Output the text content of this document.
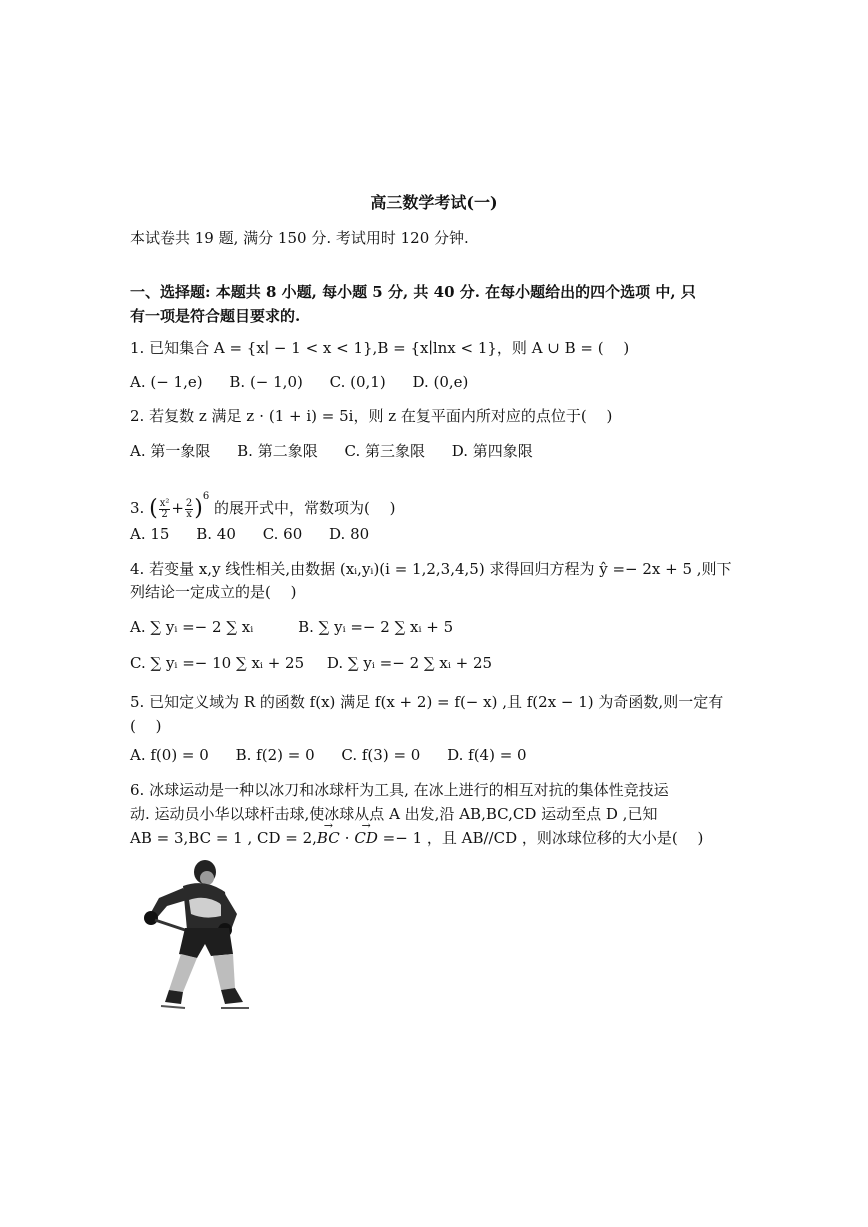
高三数学考试(一)
本试卷共 19 题, 满分 150 分. 考试用时 120 分钟.
一、选择题: 本题共 8 小题, 每小题 5 分, 共 40 分. 在每小题给出的四个选项 中, 只
有一项是符合题目要求的.
1. 已知集合 A = {x∣ − 1 < x < 1},B = {x∣lnx < 1}，则 A ∪ B = (　 )
A. (− 1,e) B. (− 1,0) C. (0,1) D. (0,e)
2. 若复数 z 满足 z ⋅ (1 + i) = 5i，则 z 在复平面内所对应的点位于(　 )
A. 第一象限 B. 第二象限 C. 第三象限 D. 第四象限
3. ( $\frac{\text{x²}}{2} + \frac{2}{x} )^6$ 的展开式中，常数项为(　 )
A. 15 B. 40 C. 60 D. 80
4. 若变量 x,y 线性相关,由数据 (xᵢ,yᵢ)(i = 1,2,3,4,5) 求得回归方程为 ŷ =− 2x + 5 ,则下
列结论一定成立的是(　 )
A. ∑ yᵢ =− 2 ∑ xᵢ	B. ∑ yᵢ =− 2 ∑ xᵢ + 5
C. ∑ yᵢ =− 10 ∑ xᵢ + 25 D. ∑ yᵢ =− 2 ∑ xᵢ + 25
5. 已知定义域为 R 的函数 f(x) 满足 f(x + 2) = f(− x) ,且 f(2x − 1) 为奇函数,则一定有
(　 )
A. f(0) = 0 B. f(2) = 0 C. f(3) = 0 D. f(4) = 0
6. 冰球运动是一种以冰刀和冰球杆为工具, 在冰上进行的相互对抗的集体性竞技运
动. 运动员小华以球杆击球,使冰球从点 A 出发,沿 AB,BC,CD 运动至点 D ,已知
AB = 3,BC = 1 , CD = 2,→ BC ⋅ → CD =− 1 ，且 AB//CD ，则冰球位移的大小是(　 )
